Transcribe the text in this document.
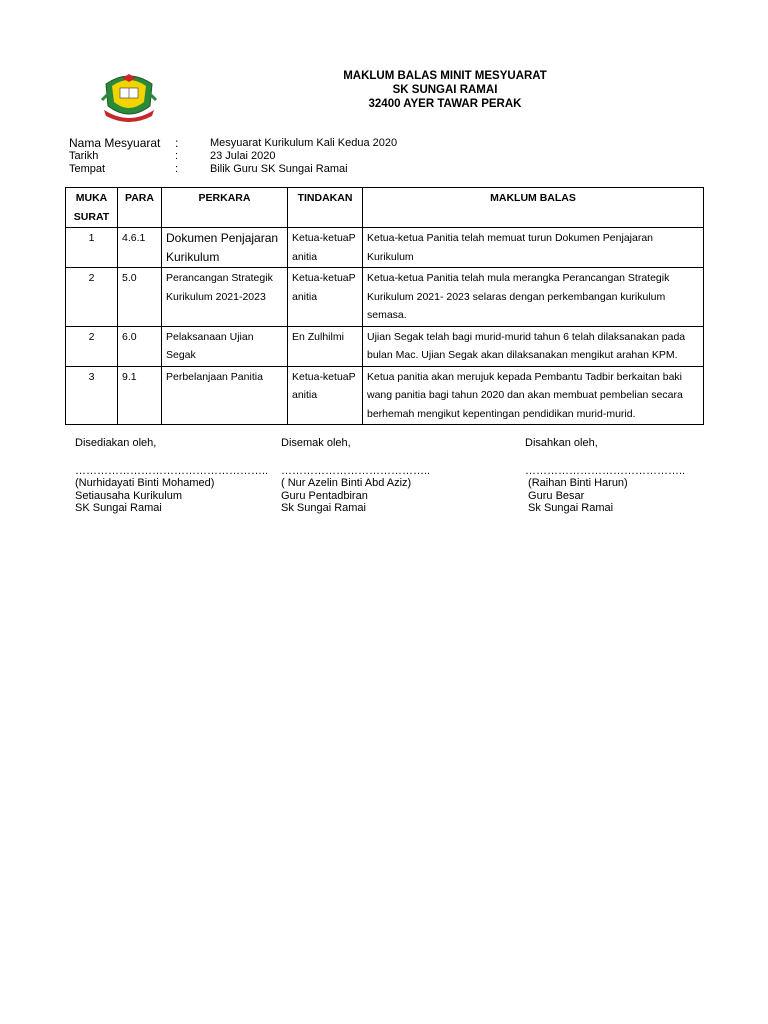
MAKLUM BALAS MINIT MESYUARAT
SK SUNGAI RAMAI
32400 AYER TAWAR PERAK
Nama Mesyuarat	:	Mesyuarat Kurikulum Kali Kedua 2020
Tarikh	:	23 Julai 2020
Tempat	:	Bilik Guru SK Sungai Ramai
MUKA SURAT	PARA	PERKARA	TINDAKAN	MAKLUM BALAS
1	4.6.1	Dokumen Penjajaran Kurikulum	Ketua-ketuaPanitia	Ketua-ketua Panitia telah memuat turun Dokumen Penjajaran Kurikulum
2	5.0	Perancangan Strategik Kurikulum 2021-2023	Ketua-ketuaPanitia	Ketua-ketua Panitia telah mula merangka Perancangan Strategik Kurikulum 2021- 2023 selaras dengan perkembangan kurikulum semasa.
2	6.0	Pelaksanaan Ujian Segak	En Zulhilmi	Ujian Segak telah bagi murid-murid tahun 6 telah dilaksanakan pada bulan Mac. Ujian Segak akan dilaksanakan mengikut arahan KPM.
3	9.1	Perbelanjaan Panitia	Ketua-ketuaPanitia	Ketua panitia akan merujuk kepada Pembantu Tadbir berkaitan baki wang panitia bagi tahun 2020 dan akan membuat pembelian secara berhemah mengikut kepentingan pendidikan murid-murid.
Disediakan oleh,
……………………………………………..
(Nurhidayati Binti Mohamed)
Setiausaha Kurikulum
SK Sungai Ramai
Disemak oleh,
…………………………………..
( Nur Azelin Binti Abd Aziz)
Guru Pentadbiran
Sk Sungai Ramai
Disahkan oleh,
……………………………………..
(Raihan Binti Harun)
Guru Besar
Sk Sungai Ramai
